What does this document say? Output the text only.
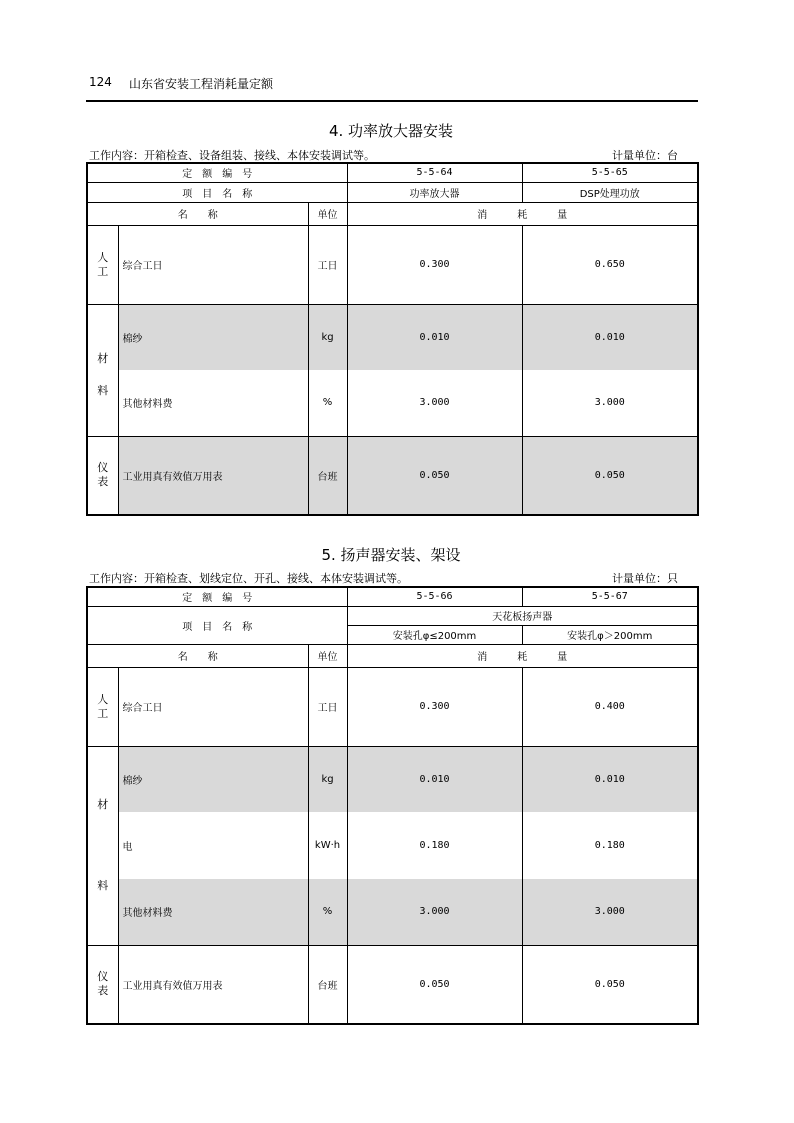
124 山东省安装工程消耗量定额
4. 功率放大器安装
工作内容：开箱检查、设备组装、接线、本体安装调试等。	计量单位：台
定　额　编　号			5-5-64	5-5-65
项　目　名　称			功率放大器	DSP处理功放
名　　称		单位	消　　　耗　　　量	
人工	综合工日	工日	0.300	0.650
材	棉纱	kg	0.010	0.010
料	其他材料费	%	3.000	3.000
仪表	工业用真有效值万用表	台班	0.050	0.050
5. 扬声器安装、架设
工作内容：开箱检查、划线定位、开孔、接线、本体安装调试等。	计量单位：只
定　额　编　号			5-5-66	5-5-67
项　目　名　称			天花板扬声器	
			安装孔φ≤200mm	安装孔φ＞200mm
名　　称		单位	消　　　耗　　　量	
人工	综合工日	工日	0.300	0.400
材	棉纱	kg	0.010	0.010
	电	kW·h	0.180	0.180
料	其他材料费	%	3.000	3.000
仪表	工业用真有效值万用表	台班	0.050	0.050
